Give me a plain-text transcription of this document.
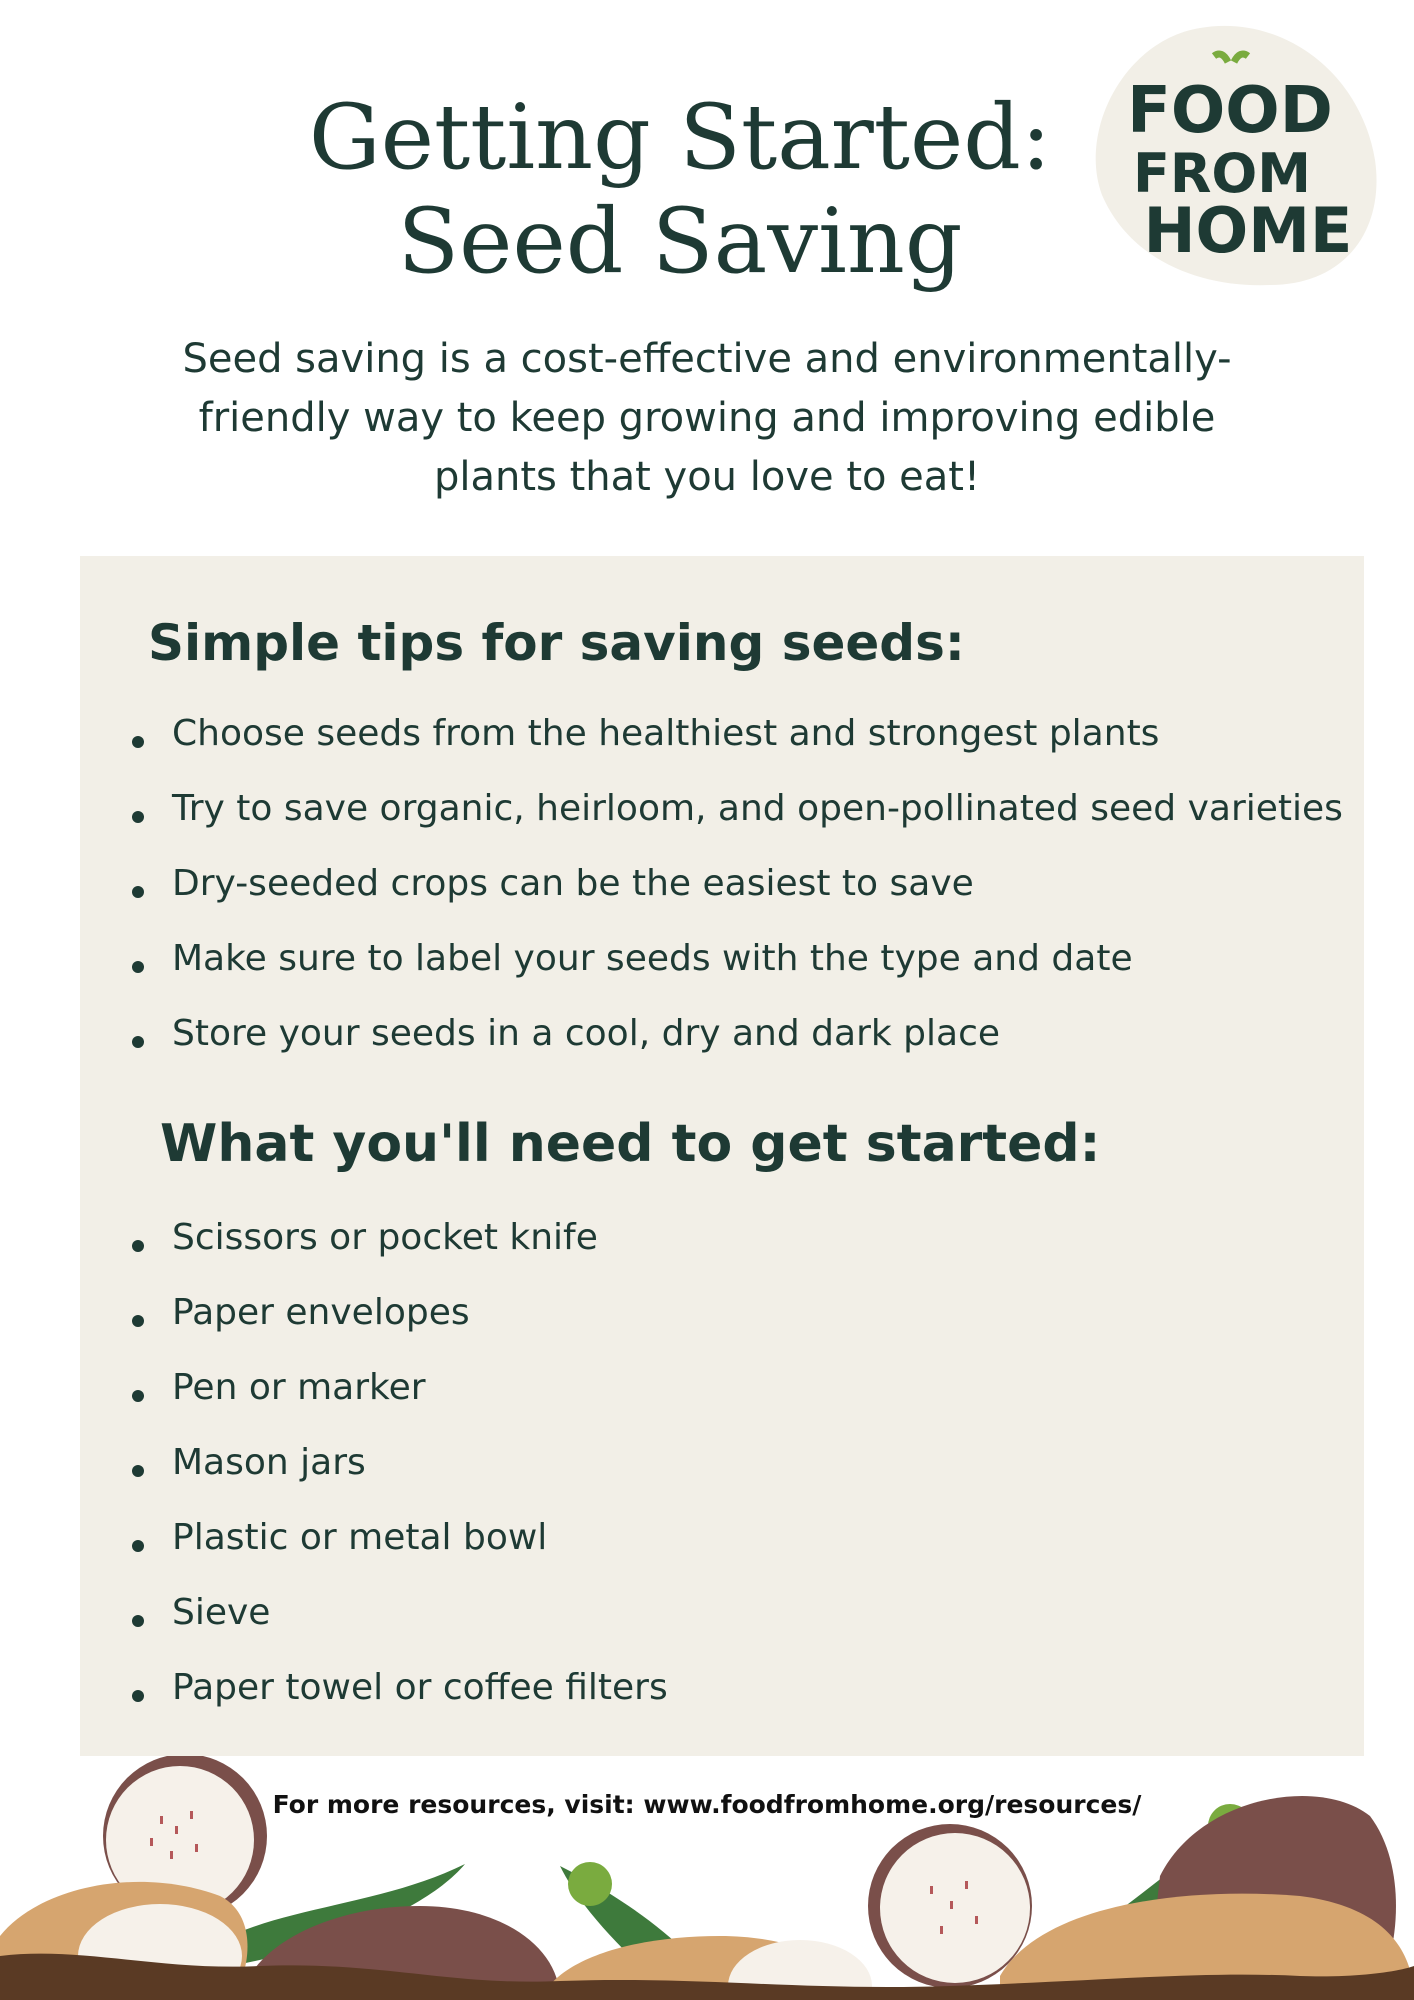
Getting Started:
Seed Saving
FOOD
FROM
HOME

Seed saving is a cost-effective and environmentally-friendly way to keep growing and improving edible plants that you love to eat!

Simple tips for saving seeds:
Choose seeds from the healthiest and strongest plants
Try to save organic, heirloom, and open-pollinated seed varieties
Dry-seeded crops can be the easiest to save
Make sure to label your seeds with the type and date
Store your seeds in a cool, dry and dark place
What you'll need to get started:
Scissors or pocket knife
Paper envelopes
Pen or marker
Mason jars
Plastic or metal bowl
Sieve
Paper towel or coffee filters

For more resources, visit: www.foodfromhome.org/resources/
